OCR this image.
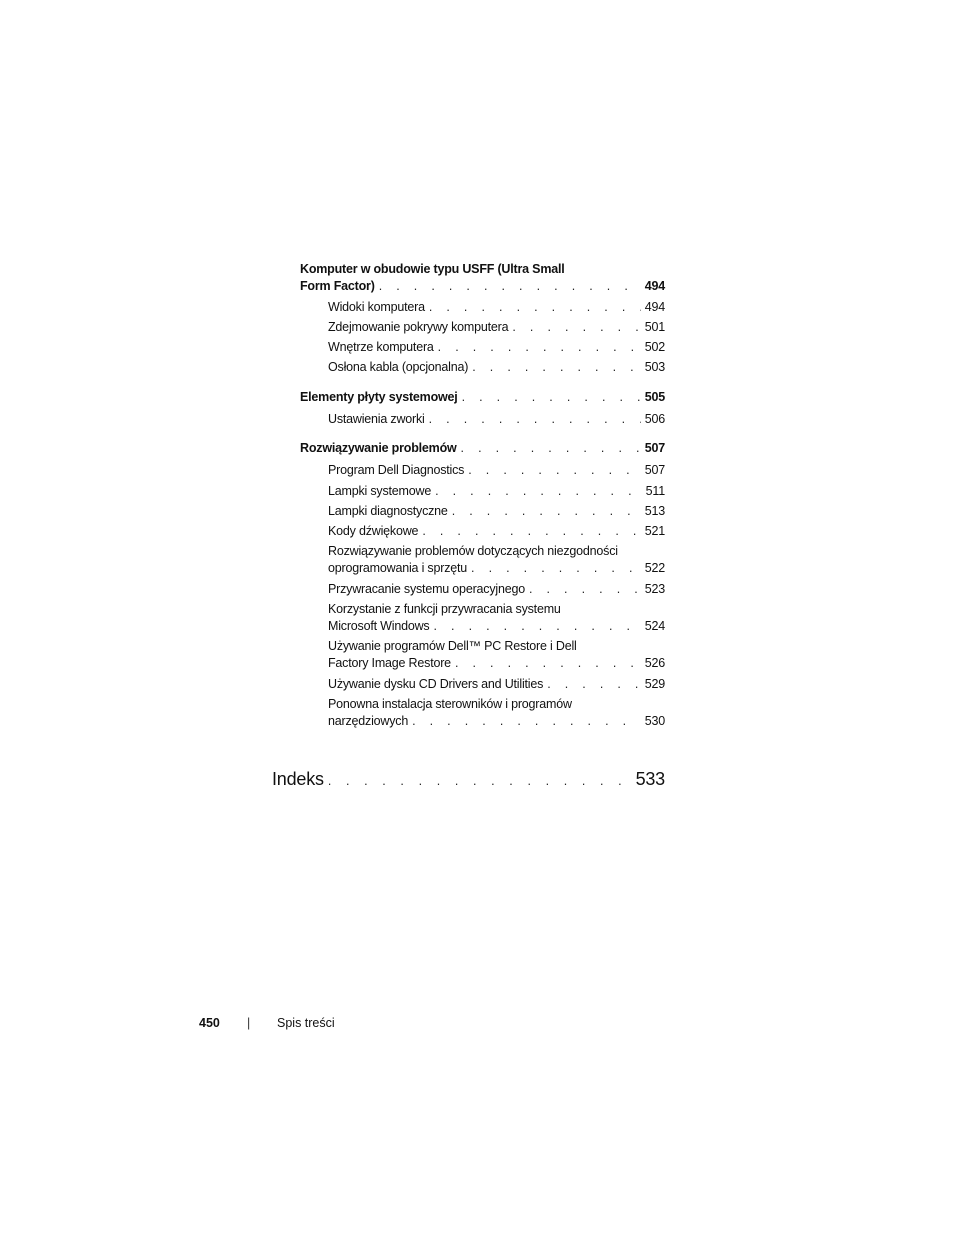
Komputer w obudowie typu USFF (Ultra Small
Form Factor) . . .	494
Widoki komputera . . .	494
Zdejmowanie pokrywy komputera . . .	501
Wnętrze komputera . . .	502
Osłona kabla (opcjonalna) . . .	503
Elementy płyty systemowej . . .	505
Ustawienia zworki . . .	506
Rozwiązywanie problemów . . .	507
Program Dell Diagnostics . . .	507
Lampki systemowe . . .	511
Lampki diagnostyczne . . .	513
Kody dźwiękowe . . .	521
Rozwiązywanie problemów dotyczących niezgodności
oprogramowania i sprzętu . . .	522
Przywracanie systemu operacyjnego . . .	523
Korzystanie z funkcji przywracania systemu
Microsoft Windows . . .	524
Używanie programów Dell™ PC Restore i Dell
Factory Image Restore . . .	526
Używanie dysku CD Drivers and Utilities . . .	529
Ponowna instalacja sterowników i programów
narzędziowych . . .	530
Indeks . . .	533
450	|	Spis treści
